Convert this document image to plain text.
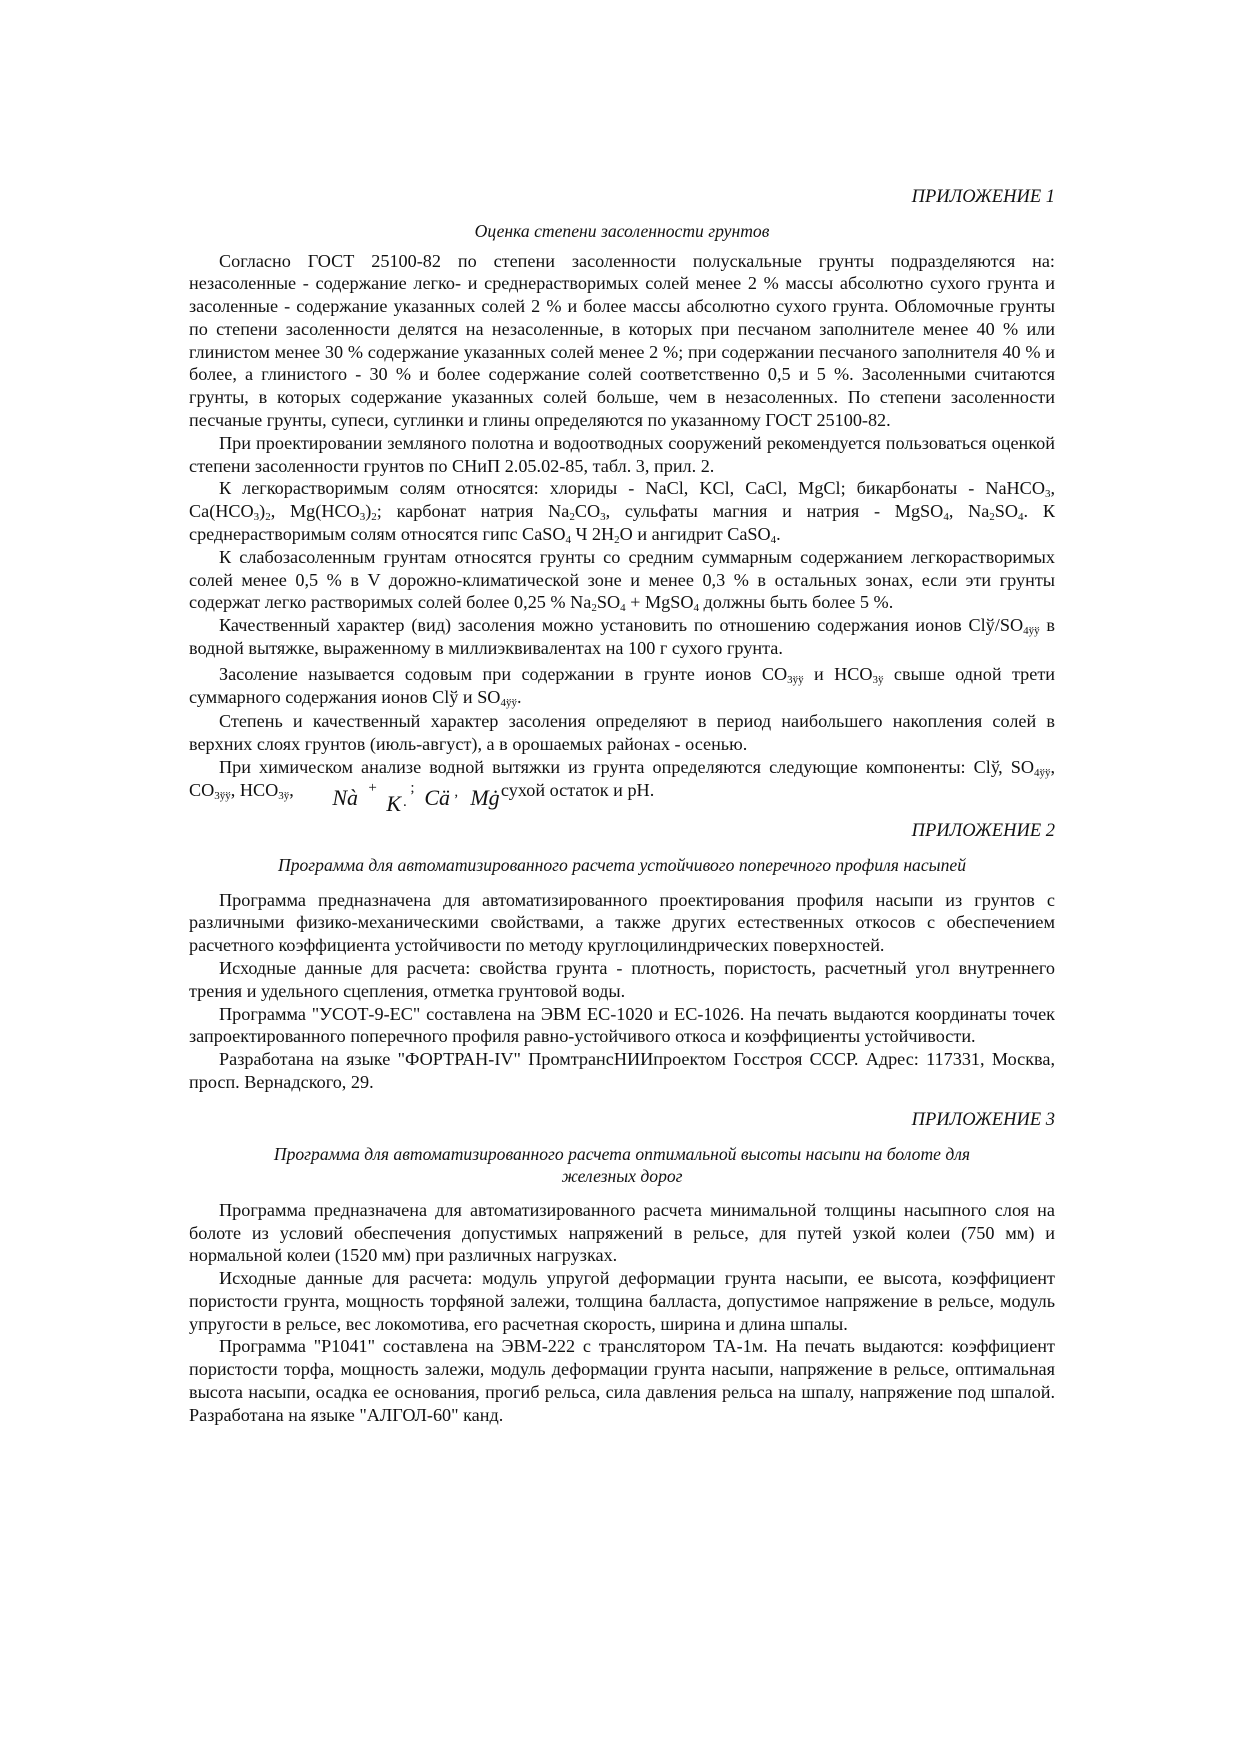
ПРИЛОЖЕНИЕ 1

Оценка степени засоленности грунтов

Согласно ГОСТ 25100-82 по степени засоленности полускальные грунты подразделяются на: незасоленные - содержание легко- и среднерастворимых солей менее 2 % массы абсолютно сухого грунта и засоленные - содержание указанных солей 2 % и более массы абсолютно сухого грунта. Обломочные грунты по степени засоленности делятся на незасоленные, в которых при песчаном заполнителе менее 40 % или глинистом менее 30 % содержание указанных солей менее 2 %; при содержании песчаного заполнителя 40 % и более, а глинистого - 30 % и более содержание солей соответственно 0,5 и 5 %. Засоленными считаются грунты, в которых содержание указанных солей больше, чем в незасоленных. По степени засоленности песчаные грунты, супеси, суглинки и глины определяются по указанному ГОСТ 25100-82.

При проектировании земляного полотна и водоотводных сооружений рекомендуется пользоваться оценкой степени засоленности грунтов по СНиП 2.05.02-85, табл. 3, прил. 2.

К легкорастворимым солям относятся: хлориды - NaCl, KCl, CaCl, MgCl; бикарбонаты - NaHCO$_3$, $Ca(HCO_3)_2$, $Mg(HCO_3)_2$; карбонат натрия $Na_2CO_3$, сульфаты магния и натрия - MgSO$_4$, $Na_2SO_4$. К среднерастворимым солям относятся гипс CaSO$_4$ Ч $2H_2O$ и ангидрит CaSO$_4$.

К слабозасоленным грунтам относятся грунты со средним суммарным содержанием легкорастворимых солей менее 0,5 % в V дорожно-климатической зоне и менее 0,3 % в остальных зонах, если эти грунты содержат легко растворимых солей более 0,25 % $Na_2SO_4$ + MgSO$_4$ должны быть более 5 %.

Качественный характер (вид) засоления можно установить по отношению содержания ионов Clў/$SO_{4ўў}$ в водной вытяжке, выраженному в миллиэквивалентах на 100 г сухого грунта.

Засоление называется содовым при содержании в грунте ионов $CO_{3ўў}$ и $HCO_{3ў}$ свыше одной трети суммарного содержания ионов Clў и $SO_{4ўў}$.

Степень и качественный характер засоления определяют в период наибольшего накопления солей в верхних слоях грунтов (июль-август), а в орошаемых районах - осенью.

При химическом анализе водной вытяжки из грунта определяются следующие компоненты: Clў, $SO_{4ўў}$, $CO_{3ўў}$, $HCO_{3ў}$,	Nà +
K ·
; Cä , Mġ сухой остаток и pH.

ПРИЛОЖЕНИЕ 2

Программа для автоматизированного расчета устойчивого поперечного профиля насыпей

Программа предназначена для автоматизированного проектирования профиля насыпи из грунтов с различными физико-механическими свойствами, а также других естественных откосов с обеспечением расчетного коэффициента устойчивости по методу круглоцилиндрических поверхностей.

Исходные данные для расчета: свойства грунта - плотность, пористость, расчетный угол внутреннего трения и удельного сцепления, отметка грунтовой воды.

Программа "УСОТ-9-ЕС" составлена на ЭВМ ЕС-1020 и ЕС-1026. На печать выдаются координаты точек запроектированного поперечного профиля равно-устойчивого откоса и коэффициенты устойчивости.

Разработана на языке "ФОРТРАН-IV" ПромтрансНИИпроектом Госстроя СССР. Адрес: 117331, Москва, просп. Вернадского, 29.

ПРИЛОЖЕНИЕ 3

Программа для автоматизированного расчета оптимальной высоты насыпи на болоте для

железных дорог

Программа предназначена для автоматизированного расчета минимальной толщины насыпного слоя на болоте из условий обеспечения допустимых напряжений в рельсе, для путей узкой колеи (750 мм) и нормальной колеи (1520 мм) при различных нагрузках.

Исходные данные для расчета: модуль упругой деформации грунта насыпи, ее высота, коэффициент пористости грунта, мощность торфяной залежи, толщина балласта, допустимое напряжение в рельсе, модуль упругости в рельсе, вес локомотива, его расчетная скорость, ширина и длина шпалы.

Программа "Р1041" составлена на ЭВМ-222 с транслятором ТА-1м. На печать выдаются: коэффициент пористости торфа, мощность залежи, модуль деформации грунта насыпи, напряжение в рельсе, оптимальная высота насыпи, осадка ее основания, прогиб рельса, сила давления рельса на шпалу, напряжение под шпалой. Разработана на языке "АЛГОЛ-60" канд.
